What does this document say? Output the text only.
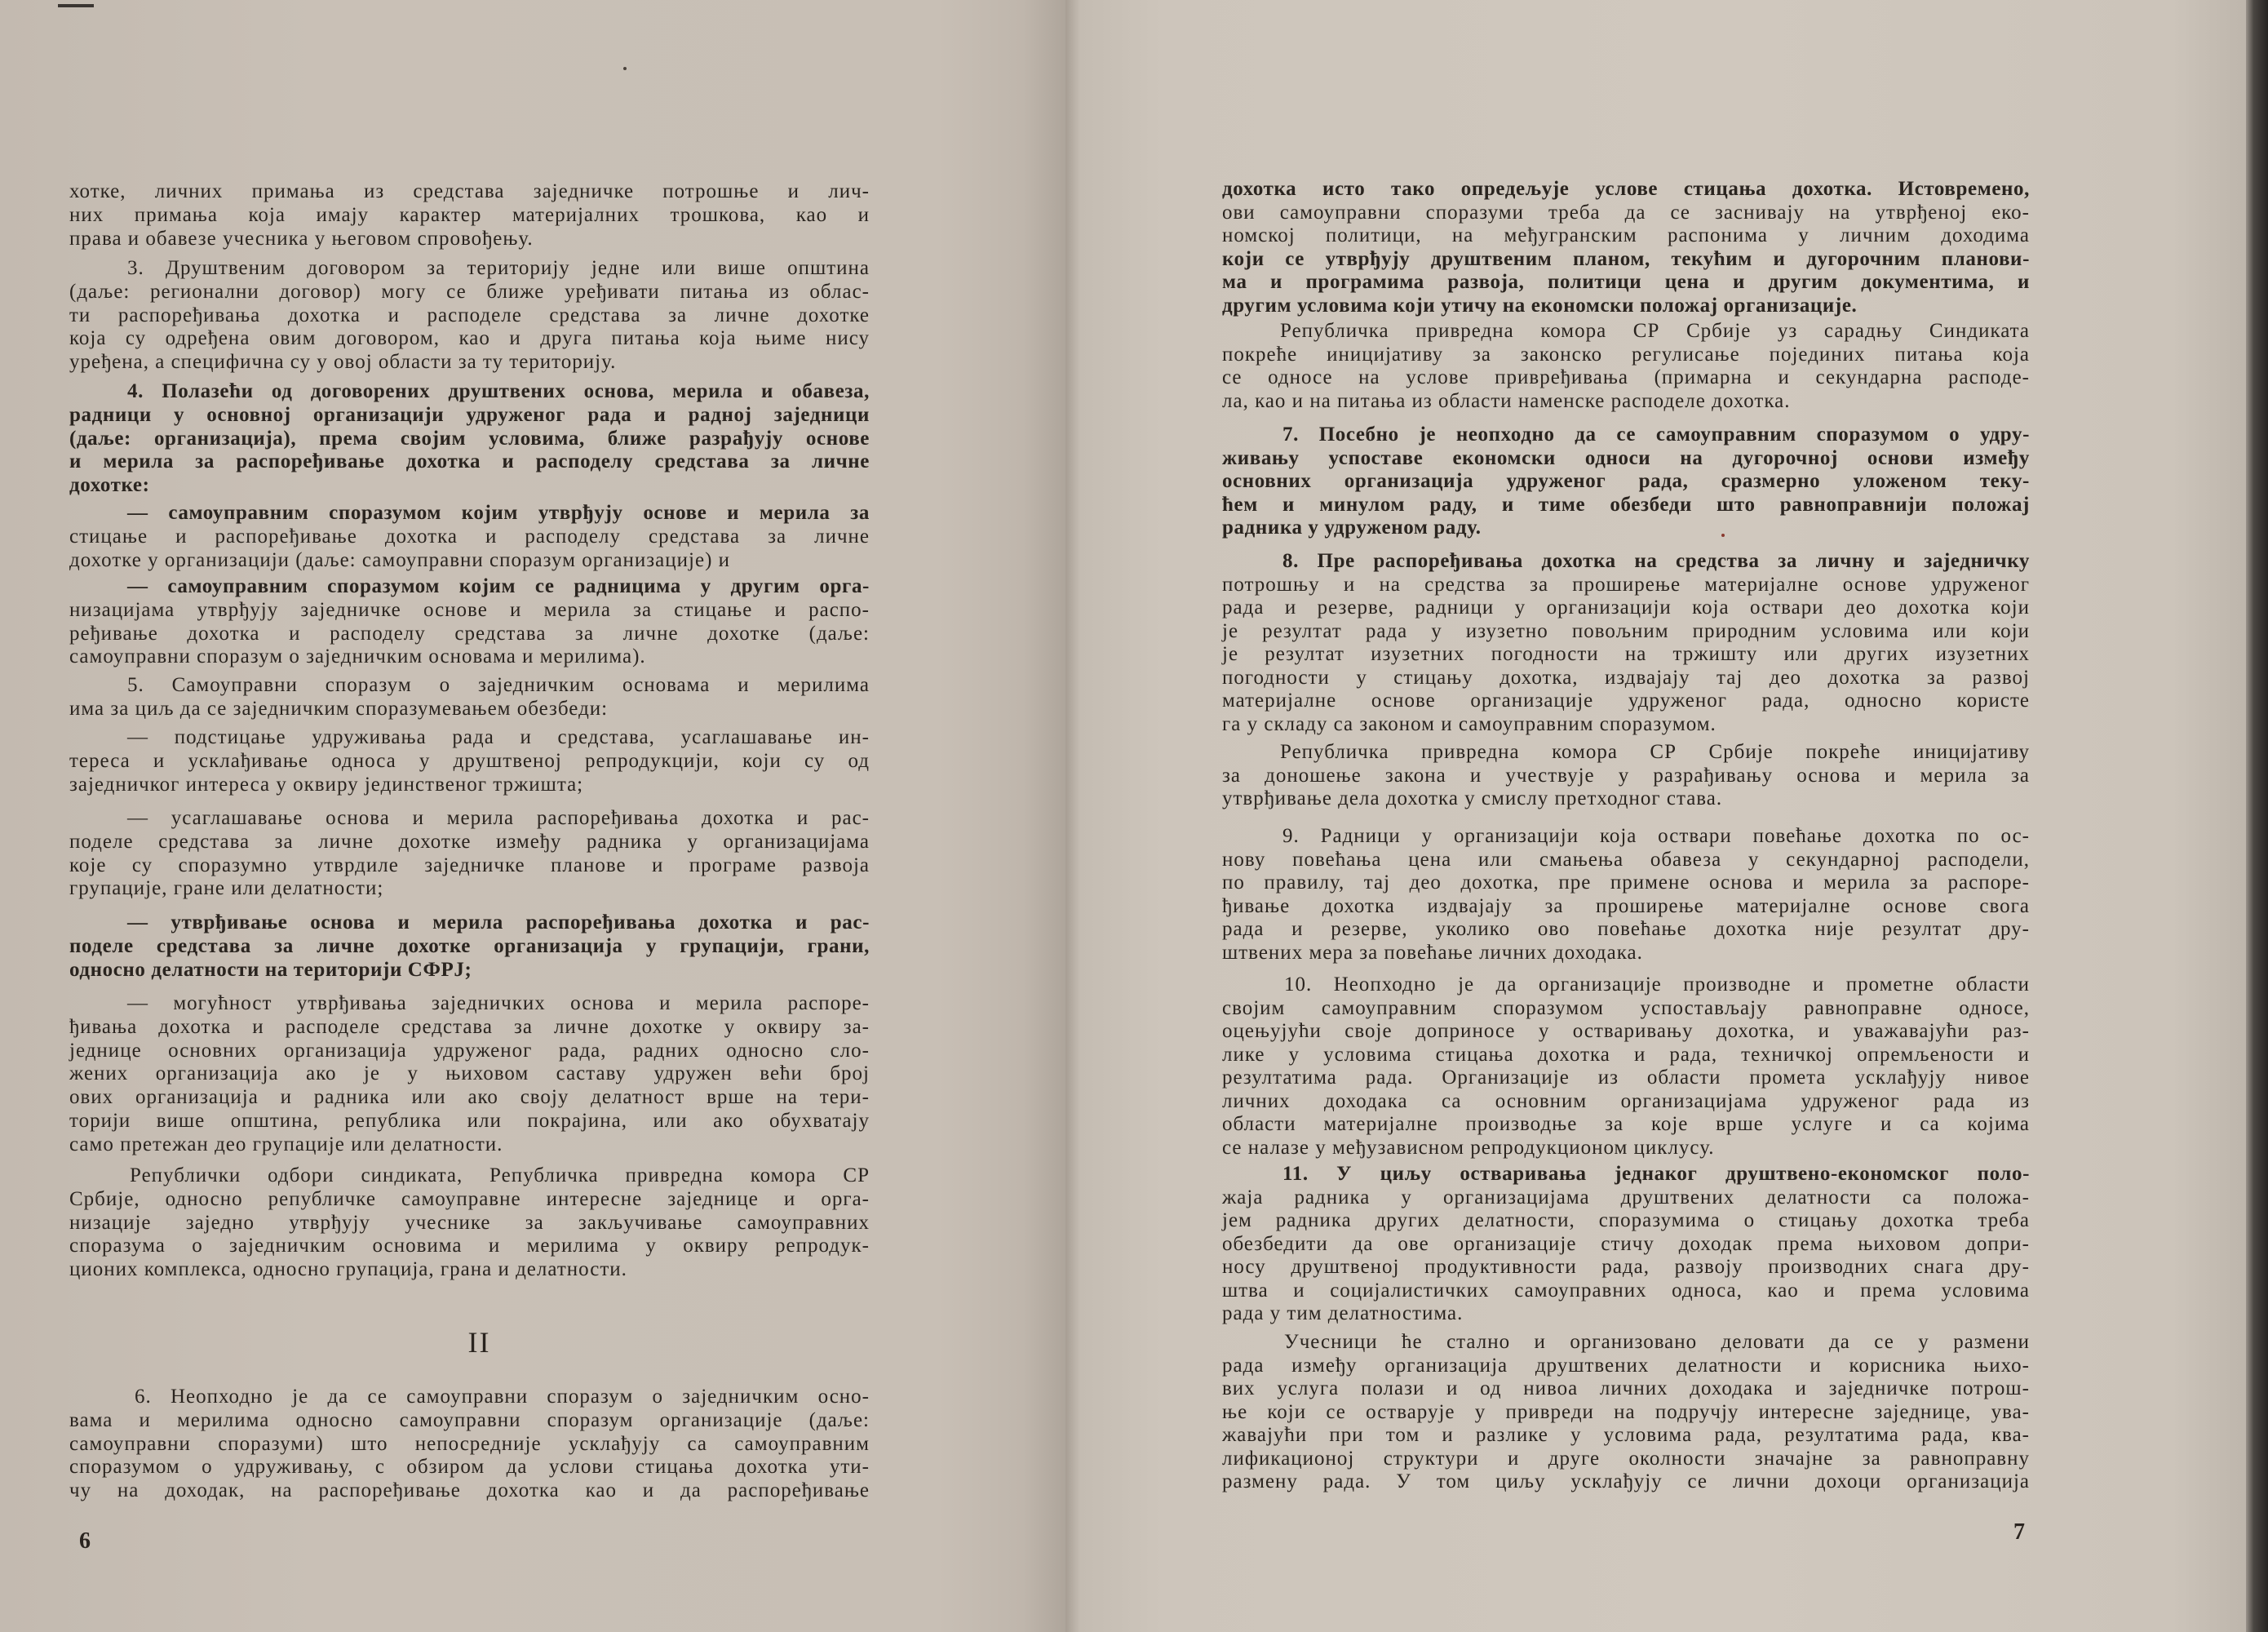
хотке, личних примања из средстава заједничке потрошње и лич-
них примања која имају карактер материјалних трошкова, као и
права и обавезе учесника у његовом спровођењу.
3. Друштвеним договором за територију једне или више општина
(даље: регионални договор) могу се ближе уређивати питања из облас-
ти распоређивања дохотка и расподеле средстава за личне дохотке
која су одређена овим договором, као и друга питања која њиме нису
уређена, а специфична су у овој области за ту територију.
4. Полазећи од договорених друштвених основа, мерила и обавеза,
радници у основној организацији удруженог рада и радној заједници
(даље: организација), према својим условима, ближе разрађују основе
и мерила за распоређивање дохотка и расподелу средстава за личне
дохотке:
— самоуправним споразумом којим утврђују основе и мерила за
стицање и распоређивање дохотка и расподелу средстава за личне
дохотке у организацији (даље: самоуправни споразум организације) и
— самоуправним споразумом којим се радницима у другим орга-
низацијама утврђују заједничке основе и мерила за стицање и распо-
ређивање дохотка и расподелу средстава за личне дохотке (даље:
самоуправни споразум о заједничким основама и мерилима).
5. Самоуправни споразум о заједничким основама и мерилима
има за циљ да се заједничким споразумевањем обезбеди:
— подстицање удруживања рада и средстава, усаглашавање ин-
тереса и усклађивање односа у друштвеној репродукцији, који су од
заједничког интереса у оквиру јединственог тржишта;
— усаглашавање основа и мерила распоређивања дохотка и рас-
поделе средстава за личне дохотке између радника у организацијама
које су споразумно утврдиле заједничке планове и програме развоја
групације, гране или делатности;
— утврђивање основа и мерила распоређивања дохотка и рас-
поделе средстава за личне дохотке организација у групацији, грани,
односно делатности на територији СФРЈ;
— могућност утврђивања заједничких основа и мерила распоре-
ђивања дохотка и расподеле средстава за личне дохотке у оквиру за-
једнице основних организација удруженог рада, радних односно сло-
жених организација ако је у њиховом саставу удружен већи број
ових организација и радника или ако своју делатност врше на тери-
торији више општина, република или покрајина, или ако обухватају
само претежан део групације или делатности.
Републички одбори синдиката, Републичка привредна комора СР
Србије, односно републичке самоуправне интересне заједнице и орга-
низације заједно утврђују учеснике за закључивање самоуправних
споразума о заједничким основима и мерилима у оквиру репродук-
ционих комплекса, односно групација, грана и делатности.
6. Неопходно је да се самоуправни споразум о заједничким осно-
вама и мерилима односно самоуправни споразум организације (даље:
самоуправни споразуми) што непосредније усклађују са самоуправним
споразумом о удруживању, с обзиром да услови стицања дохотка ути-
чу на доходак, на распоређивање дохотка као и да распоређивање
II
6
дохотка исто тако опредељује услове стицања дохотка. Истовремено,
ови самоуправни споразуми треба да се заснивају на утврђеној еко-
номској политици, на међугранским распонима у личним доходима
који се утврђују друштвеним планом, текућим и дугорочним планови-
ма и програмима развоја, политици цена и другим документима, и
другим условима који утичу на економски положај организације.
Републичка привредна комора СР Србије уз сарадњу Синдиката
покреће иницијативу за законско регулисање појединих питања која
се односе на услове привређивања (примарна и секундарна расподе-
ла, као и на питања из области наменске расподеле дохотка.
7. Посебно је неопходно да се самоуправним споразумом о удру-
живању успоставе економски односи на дугорочној основи између
основних организација удруженог рада, сразмерно уложеном теку-
ћем и минулом раду, и тиме обезбеди што равноправнији положај
радника у удруженом раду.
8. Пре распоређивања дохотка на средства за личну и заједничку
потрошњу и на средства за проширење материјалне основе удруженог
рада и резерве, радници у организацији која оствари део дохотка који
је резултат рада у изузетно повољним природним условима или који
је резултат изузетних погодности на тржишту или других изузетних
погодности у стицању дохотка, издвајају тај део дохотка за развој
материјалне основе организације удруженог рада, односно користе
га у складу са законом и самоуправним споразумом.
Републичка привредна комора СР Србије покреће иницијативу
за доношење закона и учествује у разрађивању основа и мерила за
утврђивање дела дохотка у смислу претходног става.
9. Радници у организацији која оствари повећање дохотка по ос-
нову повећања цена или смањења обавеза у секундарној расподели,
по правилу, тај део дохотка, пре примене основа и мерила за распоре-
ђивање дохотка издвајају за проширење материјалне основе свога
рада и резерве, уколико ово повећање дохотка није резултат дру-
штвених мера за повећање личних доходака.
10. Неопходно је да организације производне и прометне области
својим самоуправним споразумом успостављају равноправне односе,
оцењујући своје доприносе у остваривању дохотка, и уважавајући раз-
лике у условима стицања дохотка и рада, техничкој опремљености и
резултатима рада. Организације из области промета усклађују нивое
личних доходака са основним организацијама удруженог рада из
области материјалне производње за које врше услуге и са којима
се налазе у међузависном репродукционом циклусу.
11. У циљу остваривања једнаког друштвено-економског поло-
жаја радника у организацијама друштвених делатности са положа-
јем радника других делатности, споразумима о стицању дохотка треба
обезбедити да ове организације стичу доходак према њиховом допри-
носу друштвеној продуктивности рада, развоју производних снага дру-
штва и социјалистичких самоуправних односа, као и према условима
рада у тим делатностима.
Учесници ће стално и организовано деловати да се у размени
рада између организација друштвених делатности и корисника њихо-
вих услуга полази и од нивоа личних доходака и заједничке потрош-
ње који се остварује у привреди на подручју интересне заједнице, ува-
жавајући при том и разлике у условима рада, резултатима рада, ква-
лификационој структури и друге околности значајне за равноправну
размену рада. У том циљу усклађују се лични дохоци организација
7
